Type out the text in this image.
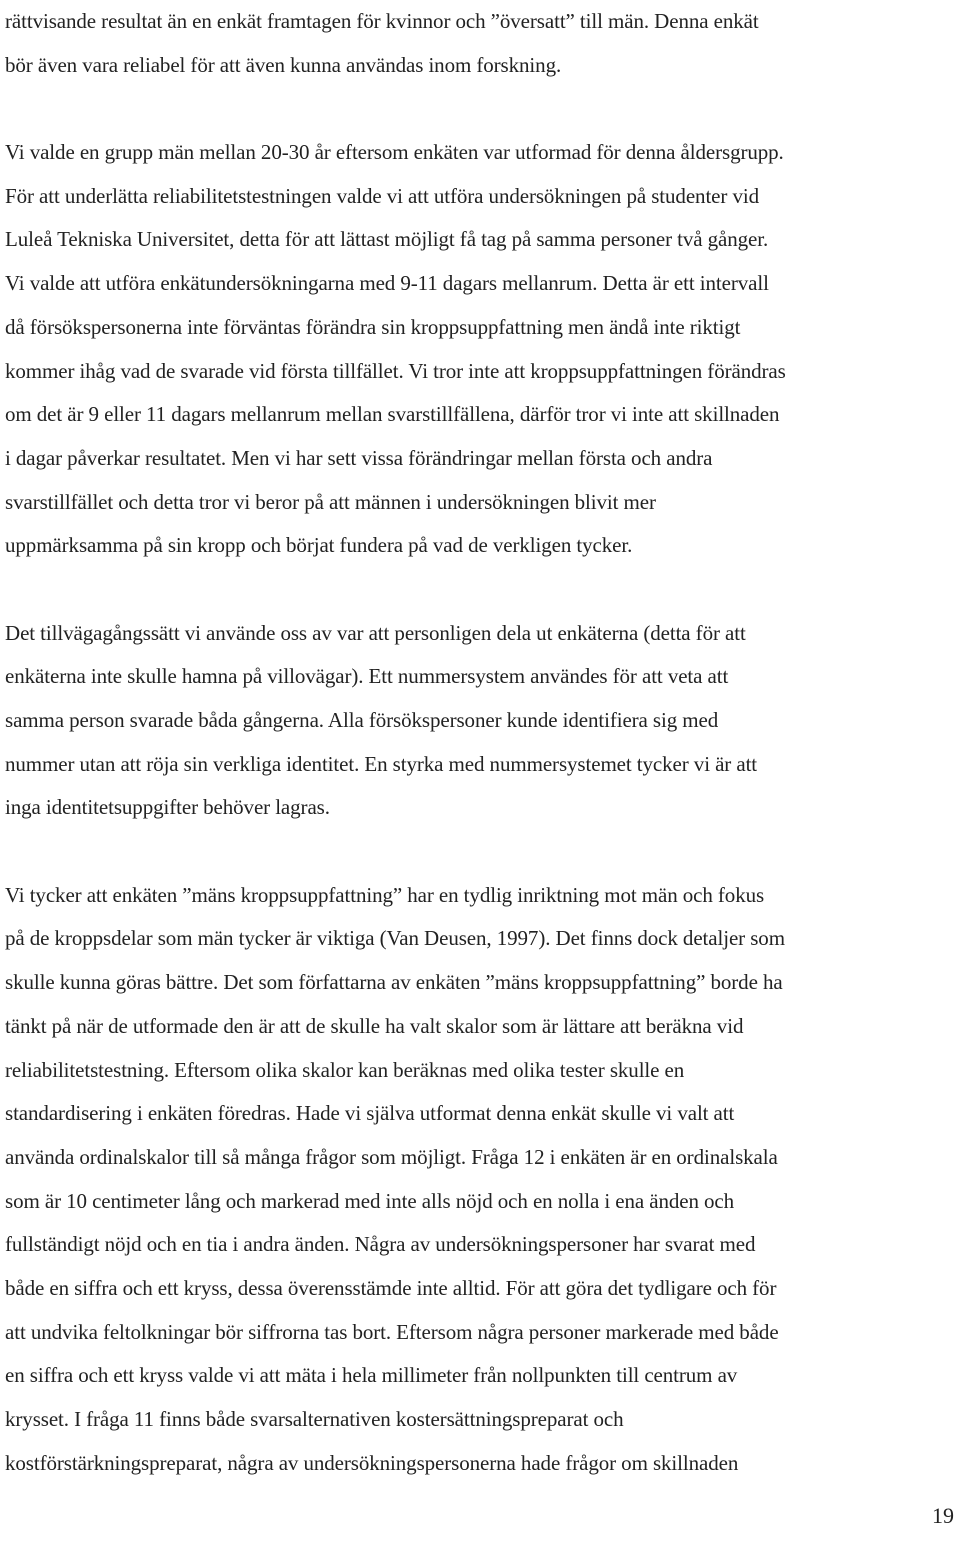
rättvisande resultat än en enkät framtagen för kvinnor och ”översatt” till män. Denna enkät
bör även vara reliabel för att även kunna användas inom forskning.
Vi valde en grupp män mellan 20-30 år eftersom enkäten var utformad för denna åldersgrupp.
För att underlätta reliabilitetstestningen valde vi att utföra undersökningen på studenter vid
Luleå Tekniska Universitet, detta för att lättast möjligt få tag på samma personer två gånger.
Vi valde att utföra enkätundersökningarna med 9-11 dagars mellanrum. Detta är ett intervall
då försökspersonerna inte förväntas förändra sin kroppsuppfattning men ändå inte riktigt
kommer ihåg vad de svarade vid första tillfället. Vi tror inte att kroppsuppfattningen förändras
om det är 9 eller 11 dagars mellanrum mellan svarstillfällena, därför tror vi inte att skillnaden
i dagar påverkar resultatet. Men vi har sett vissa förändringar mellan första och andra
svarstillfället och detta tror vi beror på att männen i undersökningen blivit mer
uppmärksamma på sin kropp och börjat fundera på vad de verkligen tycker.
Det tillvägagångssätt vi använde oss av var att personligen dela ut enkäterna (detta för att
enkäterna inte skulle hamna på villovägar). Ett nummersystem användes för att veta att
samma person svarade båda gångerna. Alla försökspersoner kunde identifiera sig med
nummer utan att röja sin verkliga identitet. En styrka med nummersystemet tycker vi är att
inga identitetsuppgifter behöver lagras.
Vi tycker att enkäten ”mäns kroppsuppfattning” har en tydlig inriktning mot män och fokus
på de kroppsdelar som män tycker är viktiga (Van Deusen, 1997). Det finns dock detaljer som
skulle kunna göras bättre. Det som författarna av enkäten ”mäns kroppsuppfattning” borde ha
tänkt på när de utformade den är att de skulle ha valt skalor som är lättare att beräkna vid
reliabilitetstestning. Eftersom olika skalor kan beräknas med olika tester skulle en
standardisering i enkäten föredras. Hade vi själva utformat denna enkät skulle vi valt att
använda ordinalskalor till så många frågor som möjligt. Fråga 12 i enkäten är en ordinalskala
som är 10 centimeter lång och markerad med inte alls nöjd och en nolla i ena änden och
fullständigt nöjd och en tia i andra änden. Några av undersökningspersoner har svarat med
både en siffra och ett kryss, dessa överensstämde inte alltid. För att göra det tydligare och för
att undvika feltolkningar bör siffrorna tas bort. Eftersom några personer markerade med både
en siffra och ett kryss valde vi att mäta i hela millimeter från nollpunkten till centrum av
krysset. I fråga 11 finns både svarsalternativen kostersättningspreparat och
kostförstärkningspreparat, några av undersökningspersonerna hade frågor om skillnaden
19
